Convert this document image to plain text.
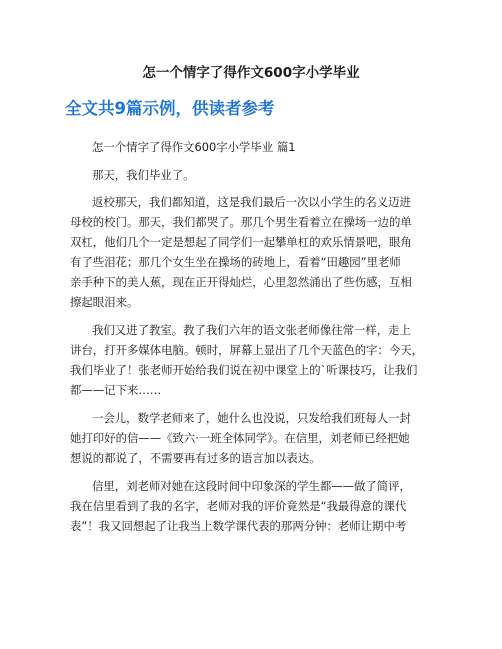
怎一个情字了得作文600字小学毕业
全文共9篇示例，供读者参考
怎一个情字了得作文600字小学毕业 篇1
那天，我们毕业了。
返校那天，我们都知道，这是我们最后一次以小学生的名义迈进
母校的校门。那天，我们都哭了。那几个男生看着立在操场一边的单
双杠，他们几个一定是想起了同学们一起攀单杠的欢乐情景吧，眼角
有了些泪花；那几个女生坐在操场的砖地上，看着“田趣园”里老师
亲手种下的美人蕉，现在正开得灿烂，心里忽然涌出了些伤感，互相
擦起眼泪来。
我们又进了教室。教了我们六年的语文张老师像往常一样，走上
讲台，打开多媒体电脑。顿时，屏幕上显出了几个天蓝色的字：今天，
我们毕业了！张老师开始给我们说在初中课堂上的`听课技巧，让我们
都——记下来……
一会儿，数学老师来了，她什么也没说，只发给我们班每人一封
她打印好的信——《致六·一班全体同学》。在信里，刘老师已经把她
想说的都说了，不需要再有过多的语言加以表达。
信里，刘老师对她在这段时间中印象深的学生都——做了简评，
我在信里看到了我的名字，老师对我的评价竟然是“我最得意的课代
表”！我又回想起了让我当上数学课代表的那两分钟：老师让期中考
